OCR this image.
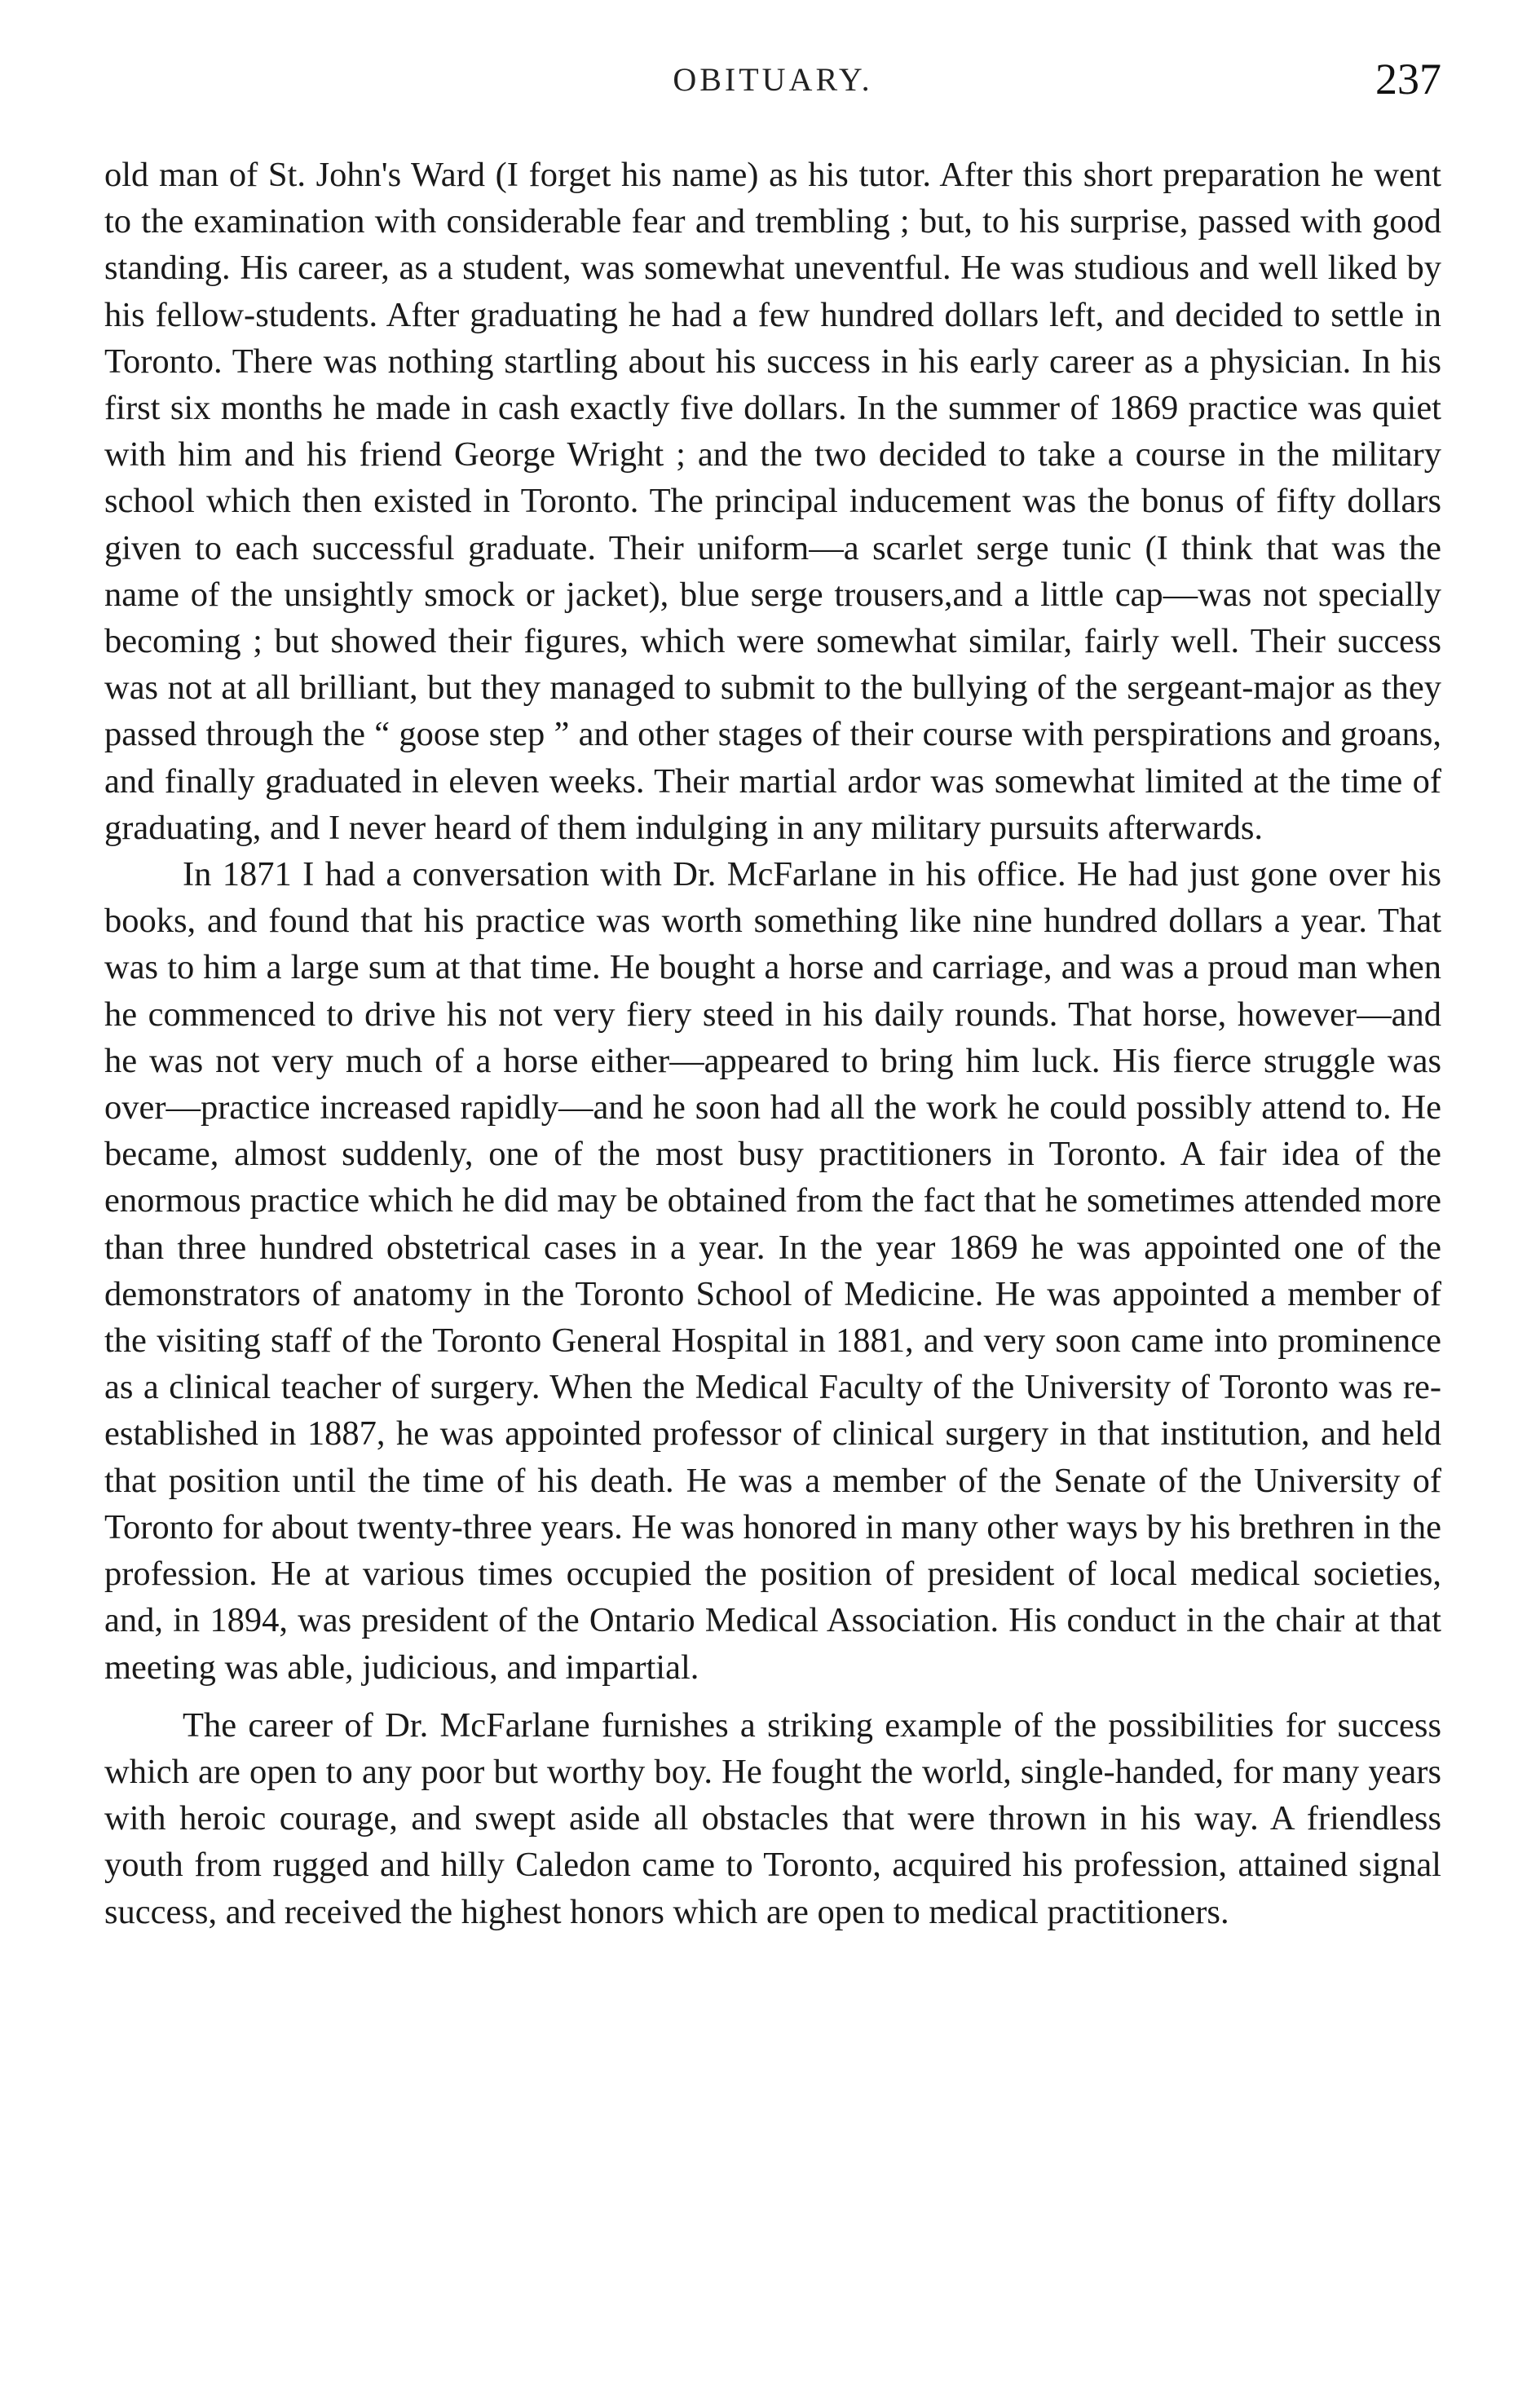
OBITUARY.	237

old man of St. John's Ward (I forget his name) as his tutor. After this short preparation he went to the examination with considerable fear and trembling ; but, to his surprise, passed with good standing. His career, as a student, was somewhat uneventful. He was studious and well liked by his fellow-students. After graduating he had a few hundred dollars left, and decided to settle in Toronto. There was nothing startling about his success in his early career as a physician. In his first six months he made in cash exactly five dollars. In the summer of 1869 practice was quiet with him and his friend George Wright ; and the two decided to take a course in the military school which then existed in Toronto. The principal inducement was the bonus of fifty dollars given to each successful graduate. Their uniform—a scarlet serge tunic (I think that was the name of the unsightly smock or jacket), blue serge trousers,and a little cap—was not specially becoming ; but showed their figures, which were somewhat similar, fairly well. Their success was not at all brilliant, but they managed to submit to the bullying of the sergeant-major as they passed through the “ goose step ” and other stages of their course with perspirations and groans, and finally graduated in eleven weeks. Their martial ardor was somewhat limited at the time of graduating, and I never heard of them indulging in any military pursuits afterwards.

In 1871 I had a conversation with Dr. McFarlane in his office. He had just gone over his books, and found that his practice was worth something like nine hundred dollars a year. That was to him a large sum at that time. He bought a horse and carriage, and was a proud man when he commenced to drive his not very fiery steed in his daily rounds. That horse, however—and he was not very much of a horse either—appeared to bring him luck. His fierce struggle was over—practice increased rapidly—and he soon had all the work he could possibly attend to. He became, almost suddenly, one of the most busy practitioners in Toronto. A fair idea of the enormous practice which he did may be obtained from the fact that he sometimes attended more than three hundred obstetrical cases in a year. In the year 1869 he was appointed one of the demonstrators of anatomy in the Toronto School of Medicine. He was appointed a member of the visiting staff of the Toronto General Hospital in 1881, and very soon came into prominence as a clinical teacher of surgery. When the Medical Faculty of the University of Toronto was re-established in 1887, he was appointed professor of clinical surgery in that institution, and held that position until the time of his death. He was a member of the Senate of the University of Toronto for about twenty-three years. He was honored in many other ways by his brethren in the profession. He at various times occupied the position of president of local medical societies, and, in 1894, was president of the Ontario Medical Association. His conduct in the chair at that meeting was able, judicious, and impartial.

The career of Dr. McFarlane furnishes a striking example of the possibilities for success which are open to any poor but worthy boy. He fought the world, single-handed, for many years with heroic courage, and swept aside all obstacles that were thrown in his way. A friendless youth from rugged and hilly Caledon came to Toronto, acquired his profession, attained signal success, and received the highest honors which are open to medical practitioners.
